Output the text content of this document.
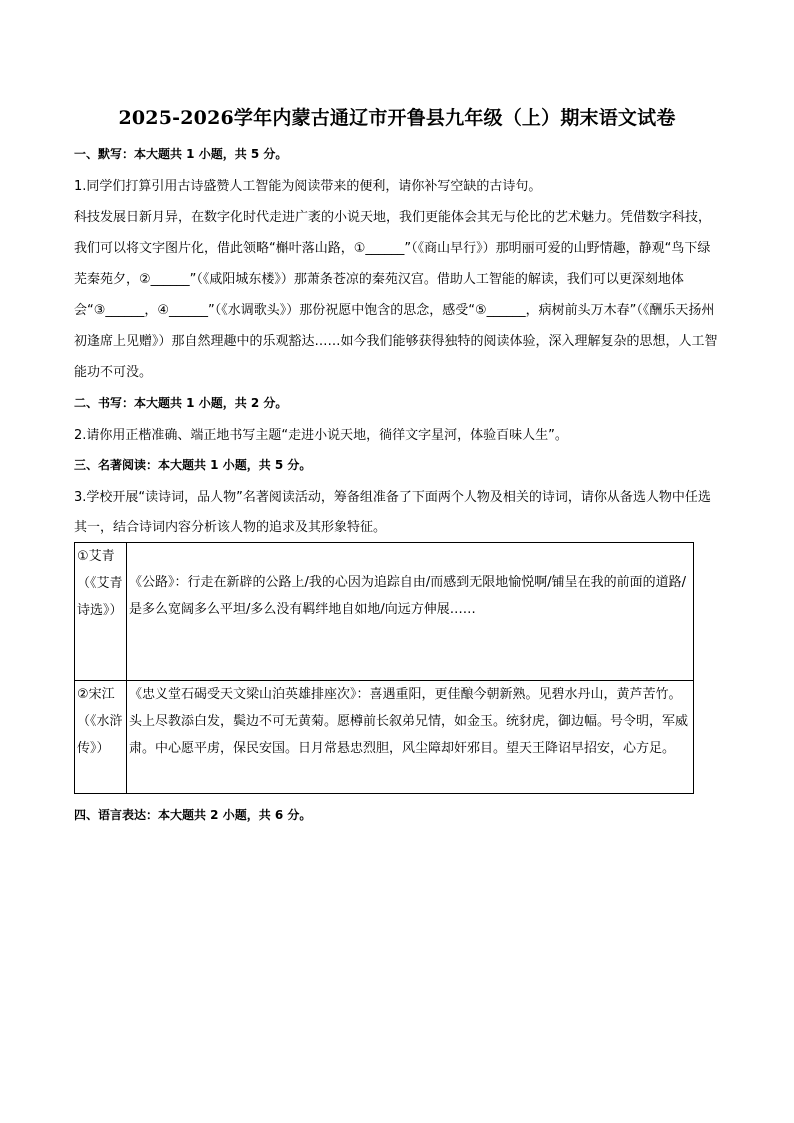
2025-2026学年内蒙古通辽市开鲁县九年级（上）期末语文试卷
一、默写：本大题共 1 小题，共 5 分。
1.同学们打算引用古诗盛赞人工智能为阅读带来的便利，请你补写空缺的古诗句。
科技发展日新月异，在数字化时代走进广袤的小说天地，我们更能体会其无与伦比的艺术魅力。凭借数字科技，我们可以将文字图片化，借此领略“槲叶落山路，①______”（《商山早行》）那明丽可爱的山野情趣，静观“鸟下绿芜秦苑夕，②______”（《咸阳城东楼》）那萧条苍凉的秦苑汉宫。借助人工智能的解读，我们可以更深刻地体会“③______，④______”（《水调歌头》）那份祝愿中饱含的思念，感受“⑤______，病树前头万木春”（《酬乐天扬州初逢席上见赠》）那自然理趣中的乐观豁达……如今我们能够获得独特的阅读体验，深入理解复杂的思想，人工智能功不可没。
二、书写：本大题共 1 小题，共 2 分。
2.请你用正楷准确、端正地书写主题“走进小说天地，徜徉文字星河，体验百味人生”。
三、名著阅读：本大题共 1 小题，共 5 分。
3.学校开展“读诗词，品人物”名著阅读活动，筹备组准备了下面两个人物及相关的诗词，请你从备选人物中任选其一，结合诗词内容分析该人物的追求及其形象特征。
①艾青（《艾青诗选》）	《公路》：行走在新辟的公路上/我的心因为追踪自由/而感到无限地愉悦啊/铺呈在我的前面的道路/是多么宽阔多么平坦/多么没有羁绊地自如地/向远方伸展……
②宋江（《水浒传》）	《忠义堂石碣受天文梁山泊英雄排座次》：喜遇重阳，更佳酿今朝新熟。见碧水丹山，黄芦苦竹。头上尽教添白发，鬓边不可无黄菊。愿樽前长叙弟兄情，如金玉。统豺虎，御边幅。号令明，军威肃。中心愿平虏，保民安国。日月常悬忠烈胆，风尘障却奸邪目。望天王降诏早招安，心方足。
四、语言表达：本大题共 2 小题，共 6 分。
